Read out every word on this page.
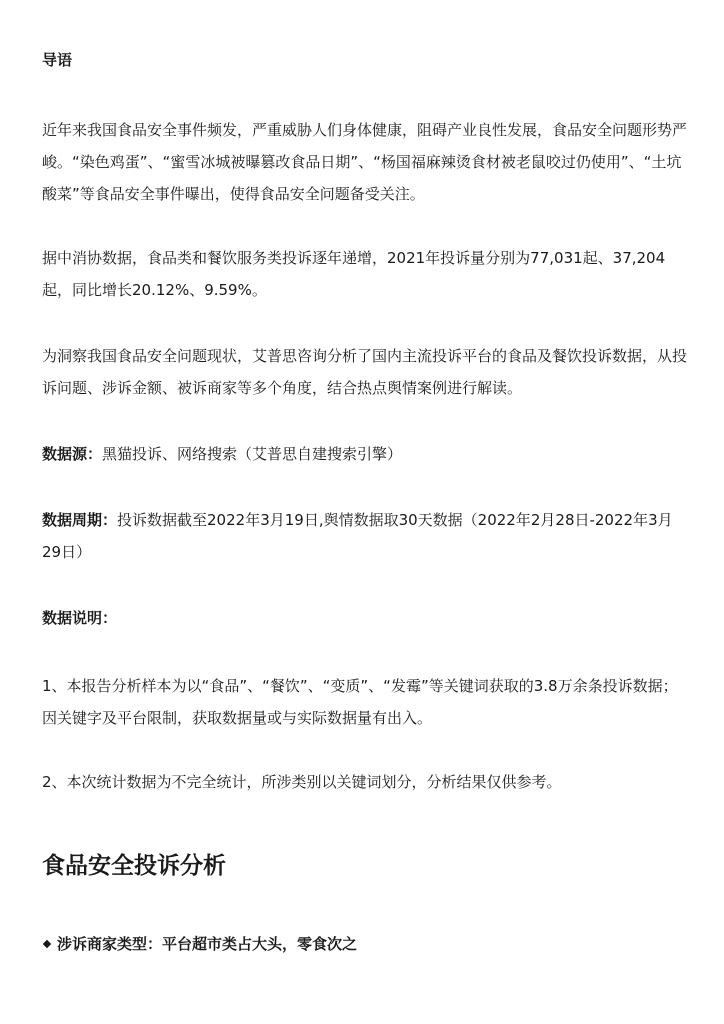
导语

近年来我国食品安全事件频发，严重威胁人们身体健康，阻碍产业良性发展，食品安全问题形势严峻。“染色鸡蛋”、“蜜雪冰城被曝篡改食品日期”、“杨国福麻辣烫食材被老鼠咬过仍使用”、“土坑酸菜”等食品安全事件曝出，使得食品安全问题备受关注。

据中消协数据，食品类和餐饮服务类投诉逐年递增，2021年投诉量分别为77,031起、37,204起，同比增长20.12%、9.59%。

为洞察我国食品安全问题现状，艾普思咨询分析了国内主流投诉平台的食品及餐饮投诉数据，从投诉问题、涉诉金额、被诉商家等多个角度，结合热点舆情案例进行解读。

数据源：黑猫投诉、网络搜索（艾普思自建搜索引擎）

数据周期：投诉数据截至2022年3月19日,舆情数据取30天数据（2022年2月28日-2022年3月29日）

数据说明：

1、本报告分析样本为以“食品”、“餐饮”、“变质”、“发霉”等关键词获取的3.8万余条投诉数据；因关键字及平台限制，获取数据量或与实际数据量有出入。

2、本次统计数据为不完全统计，所涉类别以关键词划分，分析结果仅供参考。

食品安全投诉分析

涉诉商家类型：平台超市类占大头，零食次之
